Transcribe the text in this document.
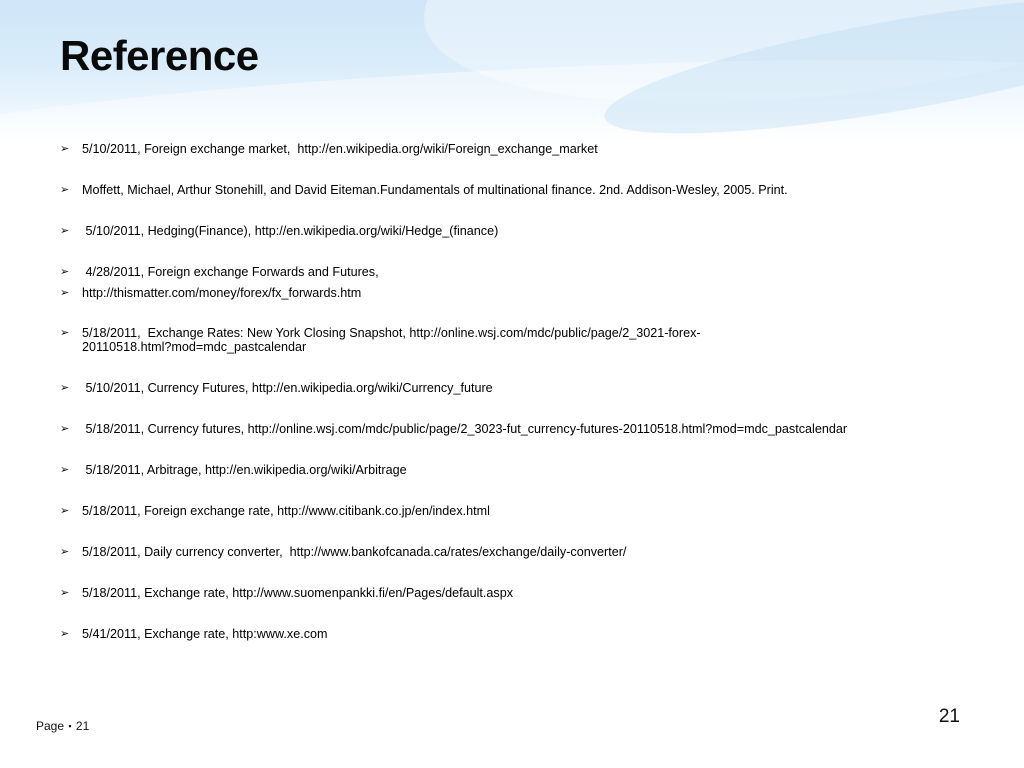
Reference
➢ 5/10/2011, Foreign exchange market,  http://en.wikipedia.org/wiki/Foreign_exchange_market
➢ Moffett, Michael, Arthur Stonehill, and David Eiteman.Fundamentals of multinational finance. 2nd. Addison-Wesley, 2005. Print.
➢ 5/10/2011, Hedging(Finance), http://en.wikipedia.org/wiki/Hedge_(finance)
➢ 4/28/2011, Foreign exchange Forwards and Futures,
➢ http://thismatter.com/money/forex/fx_forwards.htm
➢ 5/18/2011,  Exchange Rates: New York Closing Snapshot, http://online.wsj.com/mdc/public/page/2_3021-forex-
20110518.html?mod=mdc_pastcalendar
➢ 5/10/2011, Currency Futures, http://en.wikipedia.org/wiki/Currency_future
➢ 5/18/2011, Currency futures, http://online.wsj.com/mdc/public/page/2_3023-fut_currency-futures-20110518.html?mod=mdc_pastcalendar
➢ 5/18/2011, Arbitrage, http://en.wikipedia.org/wiki/Arbitrage
➢ 5/18/2011, Foreign exchange rate, http://www.citibank.co.jp/en/index.html
➢ 5/18/2011, Daily currency converter,  http://www.bankofcanada.ca/rates/exchange/daily-converter/
➢ 5/18/2011, Exchange rate, http://www.suomenpankki.fi/en/Pages/default.aspx
➢ 5/41/2011, Exchange rate, http:www.xe.com
21
Page ▪ 21
